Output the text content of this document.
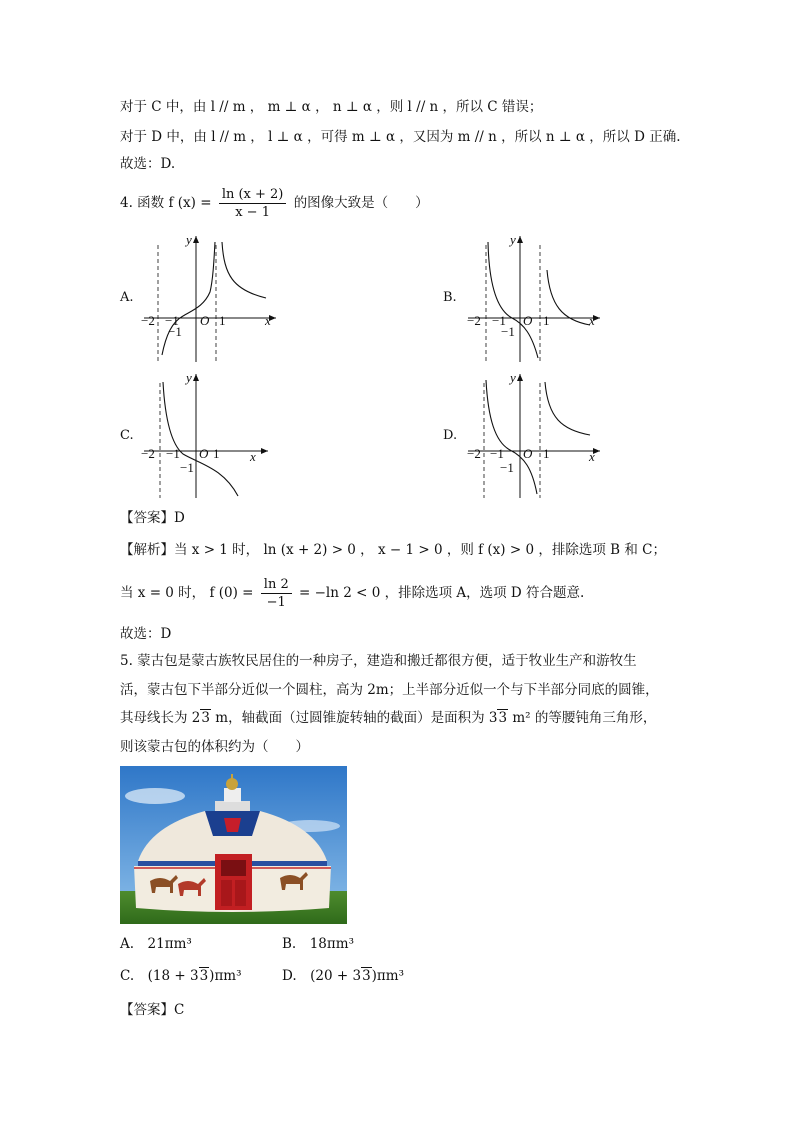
对于 C 中，由 l // m ， m ⊥ α ， n ⊥ α ，则 l // n ，所以 C 错误；
对于 D 中，由 l // m ， l ⊥ α ，可得 m ⊥ α ，又因为 m // n ，所以 n ⊥ α ，所以 D 正确.
故选：D.
4. 函数 f $(x) = \frac{\ln (x + 2)}{x - 1}$ 的图像大致是（　　）
A.	B.
C.	D.
−2 −1 O 1
−1
x
y
−2 −1 O 1
−1
x
y
−2 −1 O 1
−1
x
y
−2 −1 O 1
−1
x
y
【答案】D
【解析】当 x > 1 时， ln (x + 2) > 0 ， x − 1 > 0 ，则 f (x) > 0 ，排除选项 B 和 C；
当 x = 0 时， f $(0) = \frac{\ln 2}{-1} = -\ln$ 2 < 0 ，排除选项 A，选项 D 符合题意.
故选：D
5. 蒙古包是蒙古族牧民居住的一种房子，建造和搬迁都很方便，适于牧业生产和游牧生
活，蒙古包下半部分近似一个圆柱，高为 2m；上半部分近似一个与下半部分同底的圆锥，
其母线长为 23 m，轴截面（过圆锥旋转轴的截面）是面积为 33 m² 的等腰钝角三角形，
则该蒙古包的体积约为（　　）
A.　21πm³	B.　18πm³
C.　(18 + 33)πm³	D.　(20 + 33)πm³
【答案】C
